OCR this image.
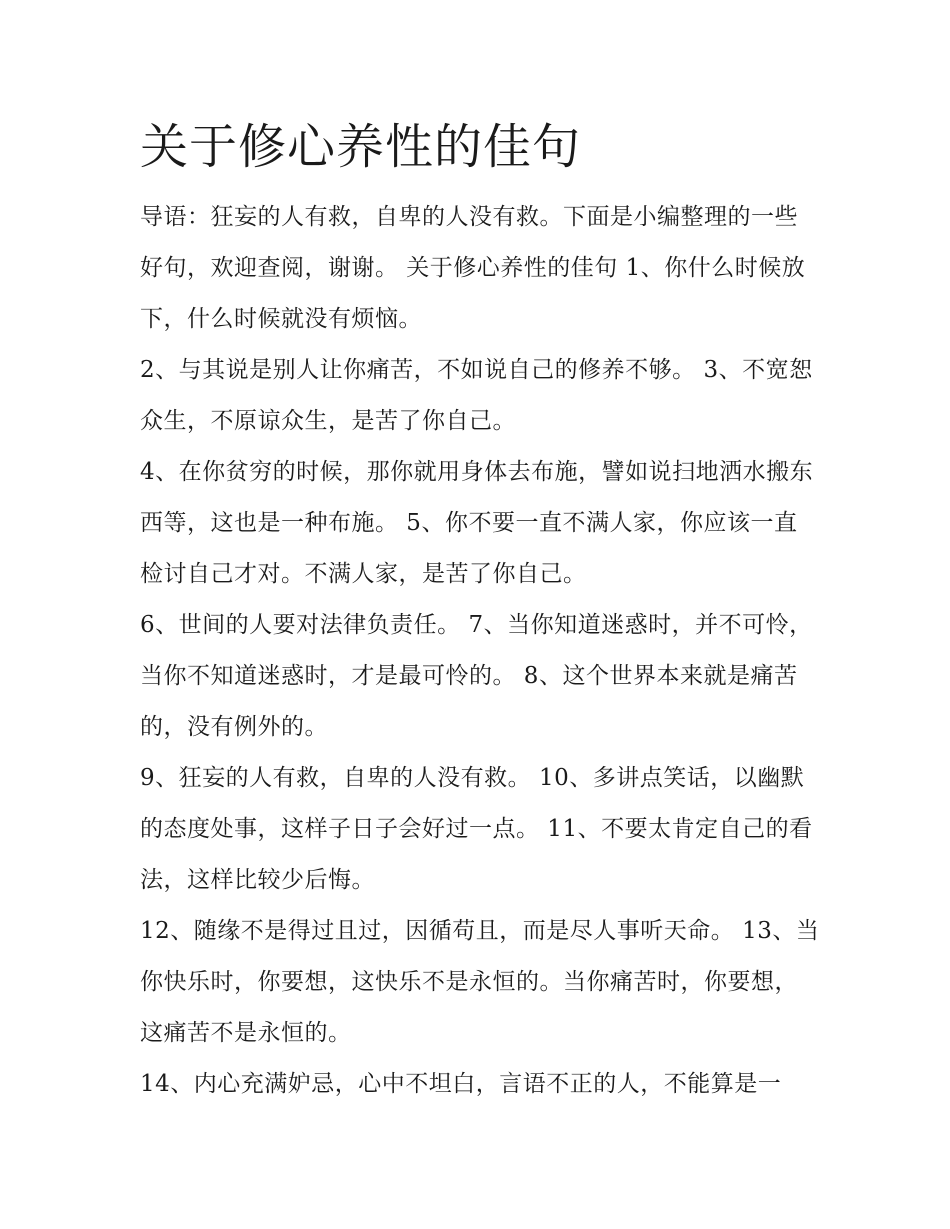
关于修心养性的佳句

导语：狂妄的人有救，自卑的人没有救。下面是小编整理的一些好句，欢迎查阅，谢谢。 关于修心养性的佳句 1、你什么时候放下，什么时候就没有烦恼。

2、与其说是别人让你痛苦，不如说自己的修养不够。 3、不宽恕众生，不原谅众生，是苦了你自己。

4、在你贫穷的时候，那你就用身体去布施，譬如说扫地洒水搬东西等，这也是一种布施。 5、你不要一直不满人家，你应该一直检讨自己才对。不满人家，是苦了你自己。

6、世间的人要对法律负责任。 7、当你知道迷惑时，并不可怜，当你不知道迷惑时，才是最可怜的。 8、这个世界本来就是痛苦的，没有例外的。

9、狂妄的人有救，自卑的人没有救。 10、多讲点笑话，以幽默的态度处事，这样子日子会好过一点。 11、不要太肯定自己的看法，这样比较少后悔。

12、随缘不是得过且过，因循苟且，而是尽人事听天命。 13、当你快乐时，你要想，这快乐不是永恒的。当你痛苦时，你要想，这痛苦不是永恒的。

14、内心充满妒忌，心中不坦白，言语不正的人，不能算是一
